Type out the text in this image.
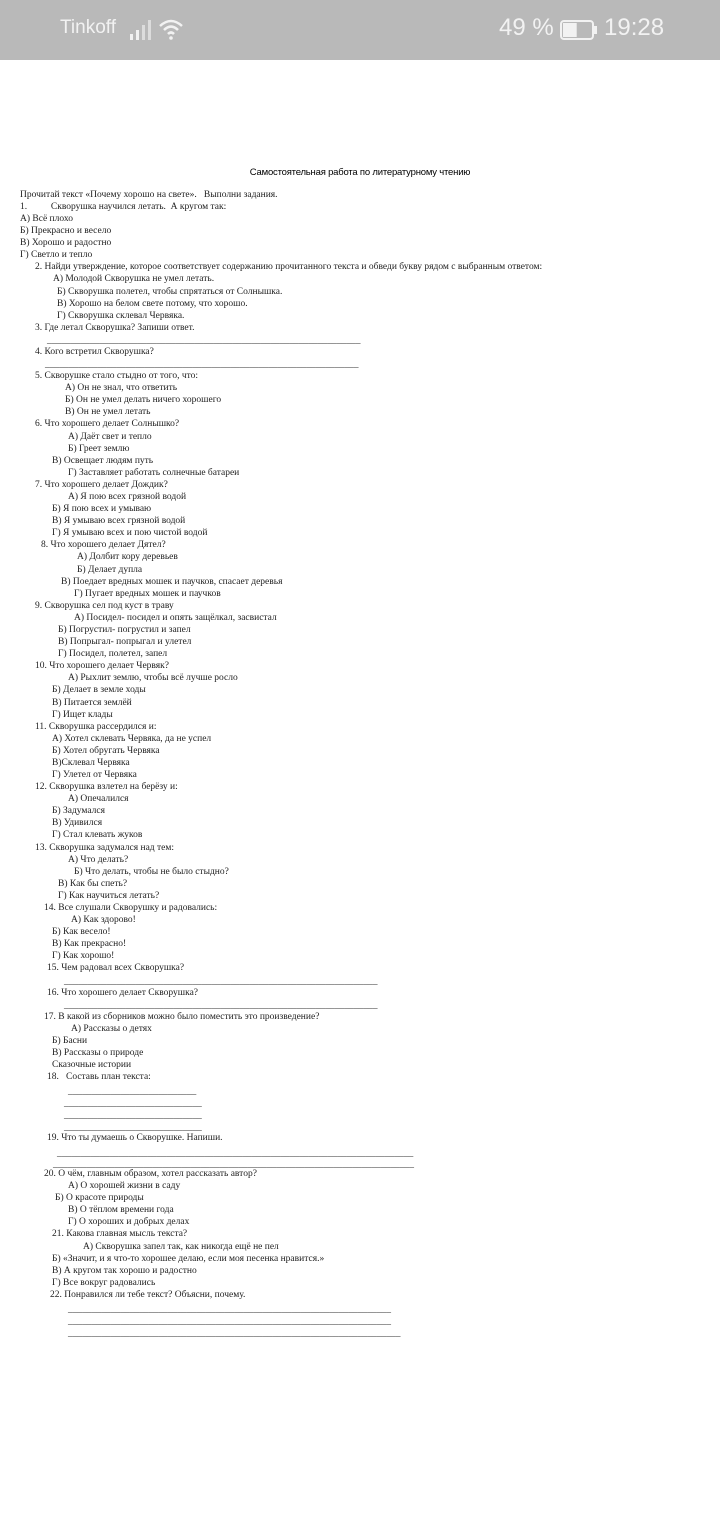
Tinkoff	49 % 19:28
Самостоятельная работа по литературному чтению
Прочитай текст «Почему хорошо на свете».   Выполни задания.
1.          Скворушка научился летать.  А кругом так:
А) Всё плохо
Б) Прекрасно и весело
В) Хорошо и радостно
Г) Светло и тепло
2. Найди утверждение, которое соответствует содержанию прочитанного текста и обведи букву рядом с выбранным ответом:
А) Молодой Скворушка не умел летать.
Б) Скворушка полетел, чтобы спрятаться от Солнышка.
В) Хорошо на белом свете потому, что хорошо.
Г) Скворушка склевал Червяка.
3. Где летал Скворушка? Запиши ответ.
__________________________________________________________________
4. Кого встретил Скворушка?
__________________________________________________________________
5. Скворушке стало стыдно от того, что:
А) Он не знал, что ответить
Б) Он не умел делать ничего хорошего
В) Он не умел летать
6. Что хорошего делает Солнышко?
А) Даёт свет и тепло
Б) Греет землю
В) Освещает людям путь
Г) Заставляет работать солнечные батареи
7. Что хорошего делает Дождик?
А) Я пою всех грязной водой
Б) Я пою всех и умываю
В) Я умываю всех грязной водой
Г) Я умываю всех и пою чистой водой
8. Что хорошего делает Дятел?
А) Долбит кору деревьев
Б) Делает дупла
В) Поедает вредных мошек и паучков, спасает деревья
Г) Пугает вредных мошек и паучков
9. Скворушка сел под куст в траву
А) Посидел- посидел и опять защёлкал, засвистал
Б) Погрустил- погрустил и запел
В) Попрыгал- попрыгал и улетел
Г) Посидел, полетел, запел
10. Что хорошего делает Червяк?
А) Рыхлит землю, чтобы всё лучше росло
Б) Делает в земле ходы
В) Питается землёй
Г) Ищет клады
11. Скворушка рассердился и:
А) Хотел склевать Червяка, да не успел
Б) Хотел обругать Червяка
В)Склевал Червяка
Г) Улетел от Червяка
12. Скворушка взлетел на берёзу и:
А) Опечалился
Б) Задумался
В) Удивился
Г) Стал клевать жуков
13. Скворушка задумался над тем:
А) Что делать?
Б) Что делать, чтобы не было стыдно?
В) Как бы спеть?
Г) Как научиться летать?
14. Все слушали Скворушку и радовались:
А) Как здорово!
Б) Как весело!
В) Как прекрасно!
Г) Как хорошо!
15. Чем радовал всех Скворушка?
__________________________________________________________________
16. Что хорошего делает Скворушка?
__________________________________________________________________
17. В какой из сборников можно было поместить это произведение?
А) Рассказы о детях
Б) Басни
В) Рассказы о природе
Сказочные истории
18.   Составь план текста:
___________________________
_____________________________
_____________________________
_____________________________
19. Что ты думаешь о Скворушке. Напиши.
___________________________________________________________________________
____________________________________________________________________________
20. О чём, главным образом, хотел рассказать автор?
А) О хорошей жизни в саду
Б) О красоте природы
В) О тёплом времени года
Г) О хороших и добрых делах
21. Какова главная мысль текста?
А) Скворушка запел так, как никогда ещё не пел
Б) «Значит, и я что-то хорошее делаю, если моя песенка нравится.»
В) А кругом так хорошо и радостно
Г) Все вокруг радовались
22. Понравился ли тебе текст? Объясни, почему.
____________________________________________________________________
____________________________________________________________________
______________________________________________________________________
